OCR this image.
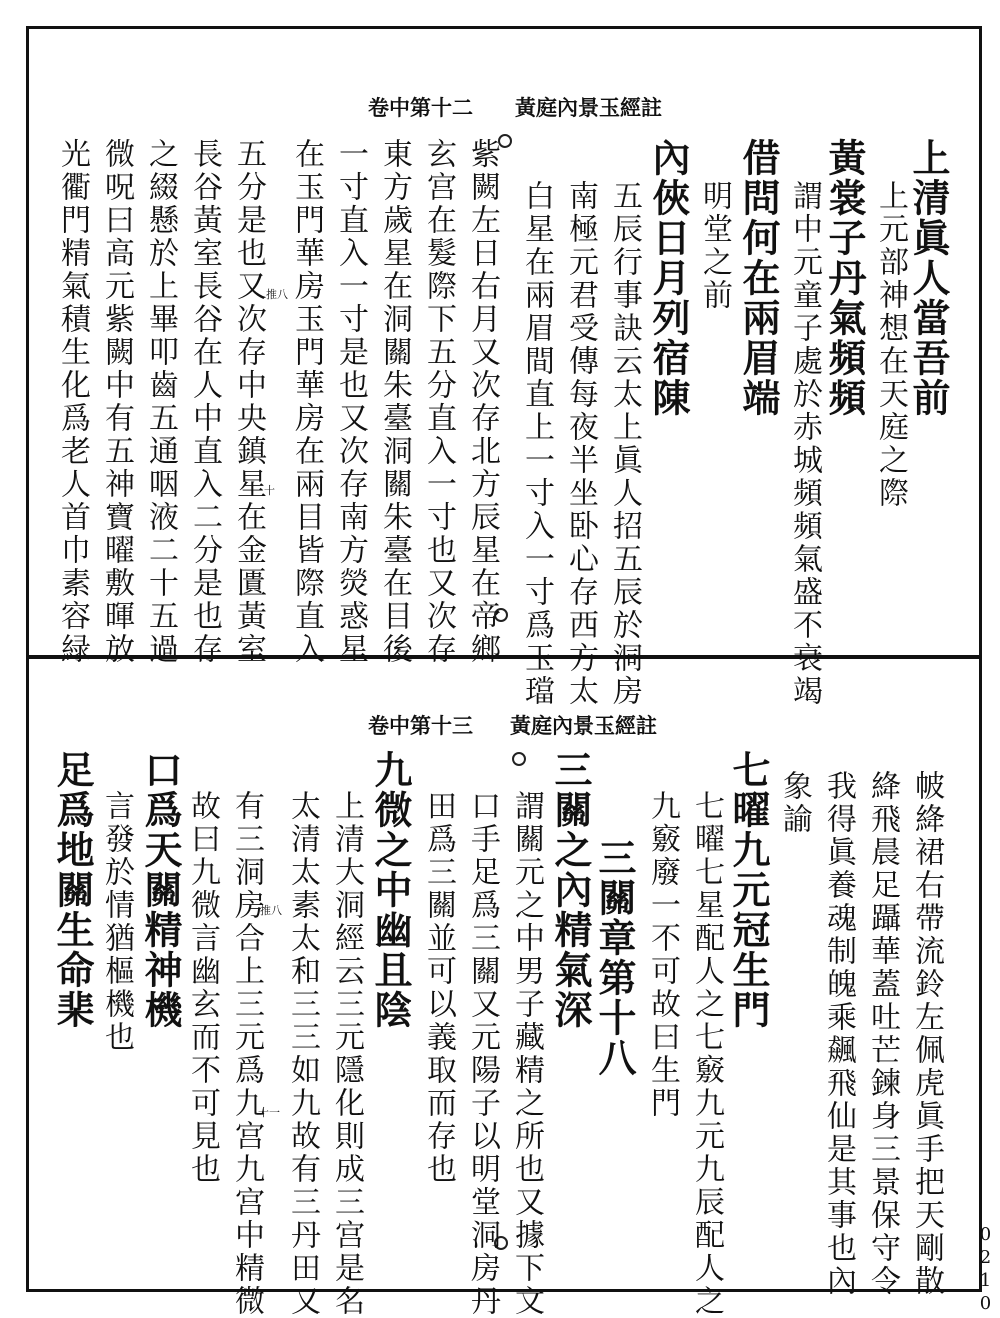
黃庭內景玉經註
卷中第十二
上清眞人當吾前
上元部神想在天庭之際
黃裳子丹氣頻頻
謂中元童子處於赤城頻頻氣盛不衰竭
借問何在兩眉端
明堂之前
內俠日月列宿陳
五辰行事訣云太上眞人招五辰於洞房
南極元君受傳每夜半坐卧心存西方太
白星在兩眉間直上一寸入一寸爲玉璫
紫闕左日右月又次存北方辰星在帝鄉
玄宫在髮際下五分直入一寸也又次存
東方歲星在洞關朱臺洞關朱臺在目後
一寸直入一寸是也又次存南方熒惑星
在玉門華房玉門華房在兩目皆際直入
五分是也又次存中央鎮星在金匱黃室
長谷黃室長谷在人中直入二分是也存
之綴懸於上畢叩齒五通咽液二十五過
微呪曰高元紫闕中有五神寶曜敷暉放
光衢門精氣積生化爲老人首巾素容緑	推八
十
黃庭內景玉經註
卷中第十三
帔絳裙右帶流鈴左佩虎眞手把天剛散
絳飛晨足躡華蓋吐芒鍊身三景保守令
我得眞養魂制魄乘飆飛仙是其事也內
象諭
七曜九元冠生門
七曜七星配人之七竅九元九辰配人之
九竅廢一不可故曰生門
三關章第十八
三關之內精氣深
謂關元之中男子藏精之所也又據下文
口手足爲三關又元陽子以明堂洞房丹
田爲三關並可以義取而存也
九微之中幽且陰
上清大洞經云三元隱化則成三宫是名
太清太素太和三三如九故有三丹田又
有三洞房合上三元爲九宫九宫中精微
故曰九微言幽玄而不可見也
口爲天關精神機
言發於情猶樞機也
足爲地關生命棐	推八
十一
0210
